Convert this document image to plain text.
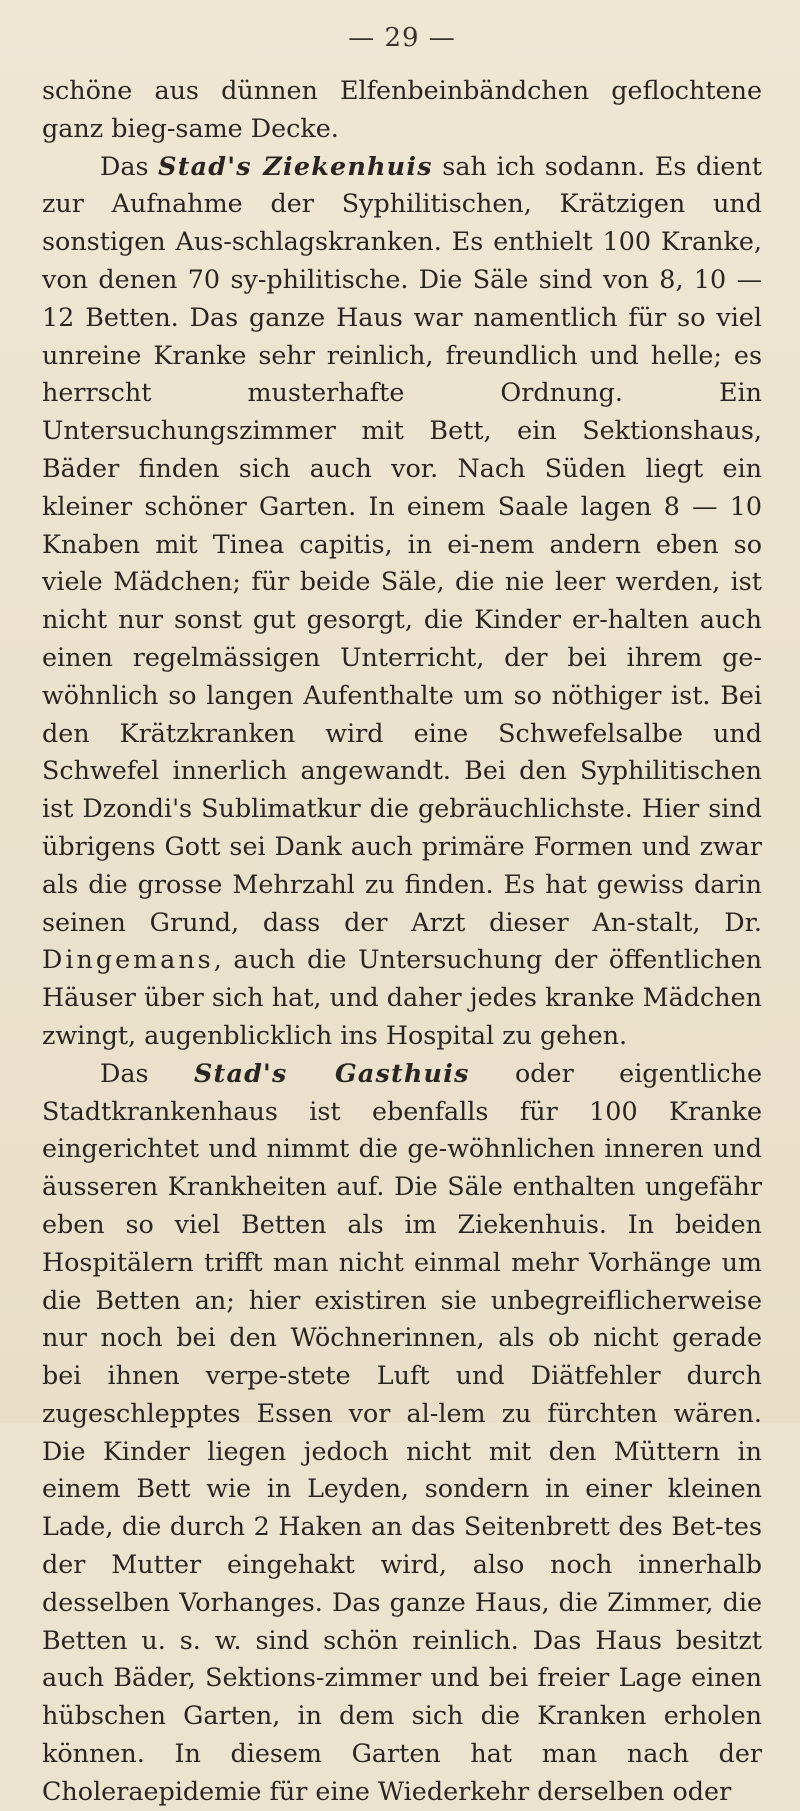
— 29 —

schöne aus dünnen Elfenbeinbändchen geflochtene ganz bieg-same Decke.

Das Stad's Ziekenhuis sah ich sodann. Es dient zur Aufnahme der Syphilitischen, Krätzigen und sonstigen Aus-schlagskranken. Es enthielt 100 Kranke, von denen 70 sy-philitische. Die Säle sind von 8, 10 — 12 Betten. Das ganze Haus war namentlich für so viel unreine Kranke sehr reinlich, freundlich und helle; es herrscht musterhafte Ordnung. Ein Untersuchungszimmer mit Bett, ein Sektionshaus, Bäder finden sich auch vor. Nach Süden liegt ein kleiner schöner Garten. In einem Saale lagen 8 — 10 Knaben mit Tinea capitis, in ei-nem andern eben so viele Mädchen; für beide Säle, die nie leer werden, ist nicht nur sonst gut gesorgt, die Kinder er-halten auch einen regelmässigen Unterricht, der bei ihrem ge-wöhnlich so langen Aufenthalte um so nöthiger ist. Bei den Krätzkranken wird eine Schwefelsalbe und Schwefel innerlich angewandt. Bei den Syphilitischen ist Dzondi's Sublimatkur die gebräuchlichste. Hier sind übrigens Gott sei Dank auch primäre Formen und zwar als die grosse Mehrzahl zu finden. Es hat gewiss darin seinen Grund, dass der Arzt dieser An-stalt, Dr. Dingemans, auch die Untersuchung der öffentlichen Häuser über sich hat, und daher jedes kranke Mädchen zwingt, augenblicklich ins Hospital zu gehen.

Das Stad's Gasthuis oder eigentliche Stadtkrankenhaus ist ebenfalls für 100 Kranke eingerichtet und nimmt die ge-wöhnlichen inneren und äusseren Krankheiten auf. Die Säle enthalten ungefähr eben so viel Betten als im Ziekenhuis. In beiden Hospitälern trifft man nicht einmal mehr Vorhänge um die Betten an; hier existiren sie unbegreiflicherweise nur noch bei den Wöchnerinnen, als ob nicht gerade bei ihnen verpe-stete Luft und Diätfehler durch zugeschlepptes Essen vor al-lem zu fürchten wären. Die Kinder liegen jedoch nicht mit den Müttern in einem Bett wie in Leyden, sondern in einer kleinen Lade, die durch 2 Haken an das Seitenbrett des Bet-tes der Mutter eingehakt wird, also noch innerhalb desselben Vorhanges. Das ganze Haus, die Zimmer, die Betten u. s. w. sind schön reinlich. Das Haus besitzt auch Bäder, Sektions-zimmer und bei freier Lage einen hübschen Garten, in dem sich die Kranken erholen können. In diesem Garten hat man nach der Choleraepidemie für eine Wiederkehr derselben oder
